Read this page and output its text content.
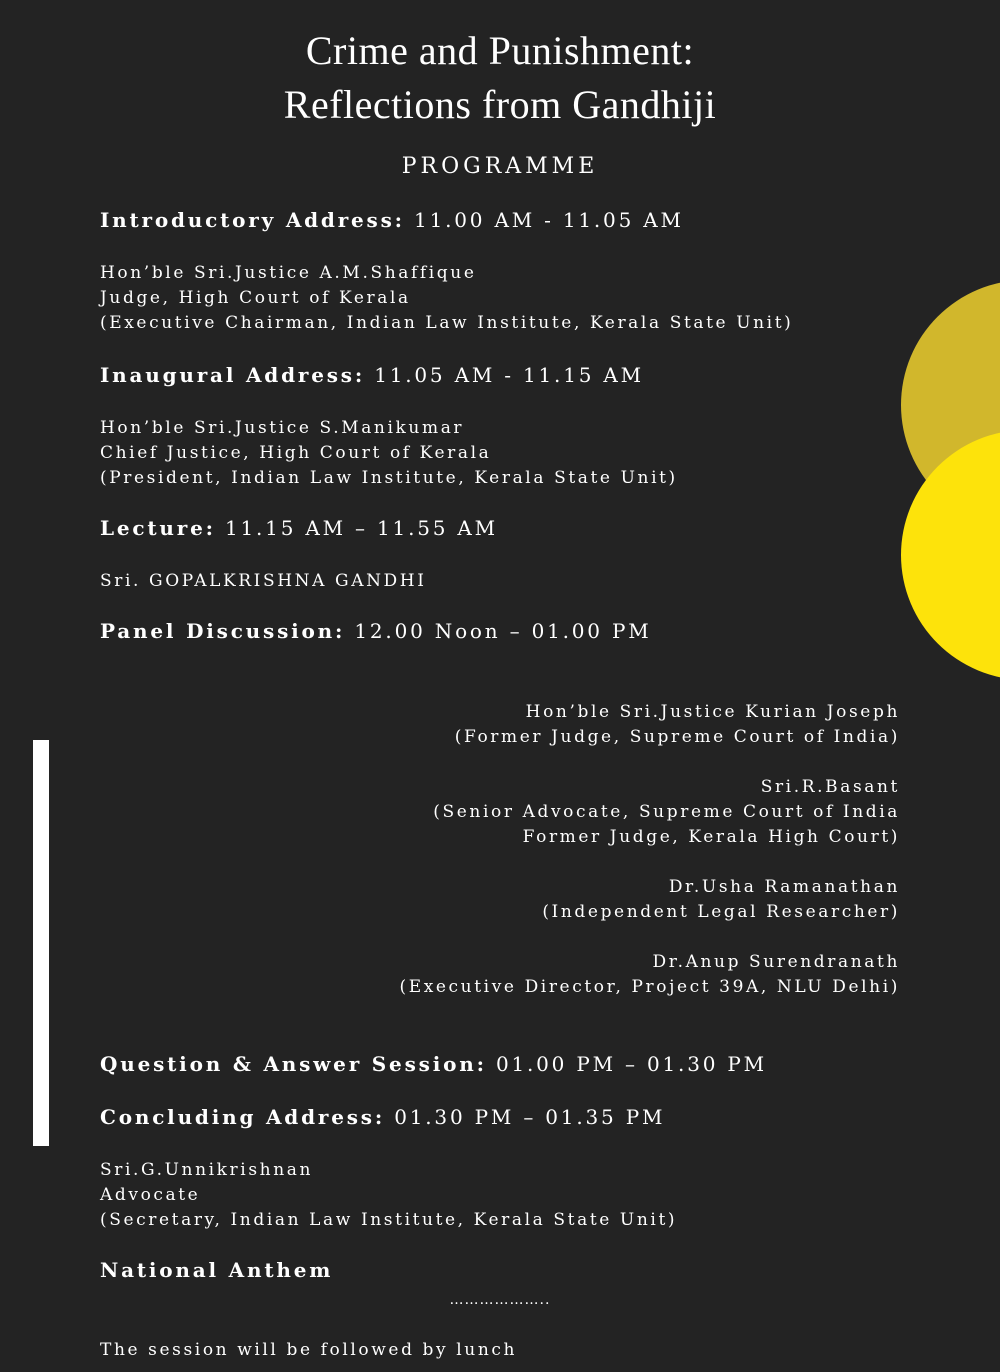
Crime and Punishment:
Reflections from Gandhiji
PROGRAMME
Introductory Address: 11.00 AM - 11.05 AM
Hon’ble Sri.Justice A.M.Shaffique
Judge, High Court of Kerala
(Executive Chairman, Indian Law Institute, Kerala State Unit)
Inaugural Address: 11.05 AM - 11.15 AM
Hon’ble Sri.Justice S.Manikumar
Chief Justice, High Court of Kerala
(President, Indian Law Institute, Kerala State Unit)
Lecture: 11.15 AM – 11.55 AM
Sri. GOPALKRISHNA GANDHI
Panel Discussion: 12.00 Noon – 01.00 PM
Hon’ble Sri.Justice Kurian Joseph
(Former Judge, Supreme Court of India)
Sri.R.Basant
(Senior Advocate, Supreme Court of India
Former Judge, Kerala High Court)
Dr.Usha Ramanathan
(Independent Legal Researcher)
Dr.Anup Surendranath
(Executive Director, Project 39A, NLU Delhi)
Question & Answer Session: 01.00 PM – 01.30 PM
Concluding Address: 01.30 PM – 01.35 PM
Sri.G.Unnikrishnan
Advocate
(Secretary, Indian Law Institute, Kerala State Unit)
National Anthem
………………..
The session will be followed by lunch
